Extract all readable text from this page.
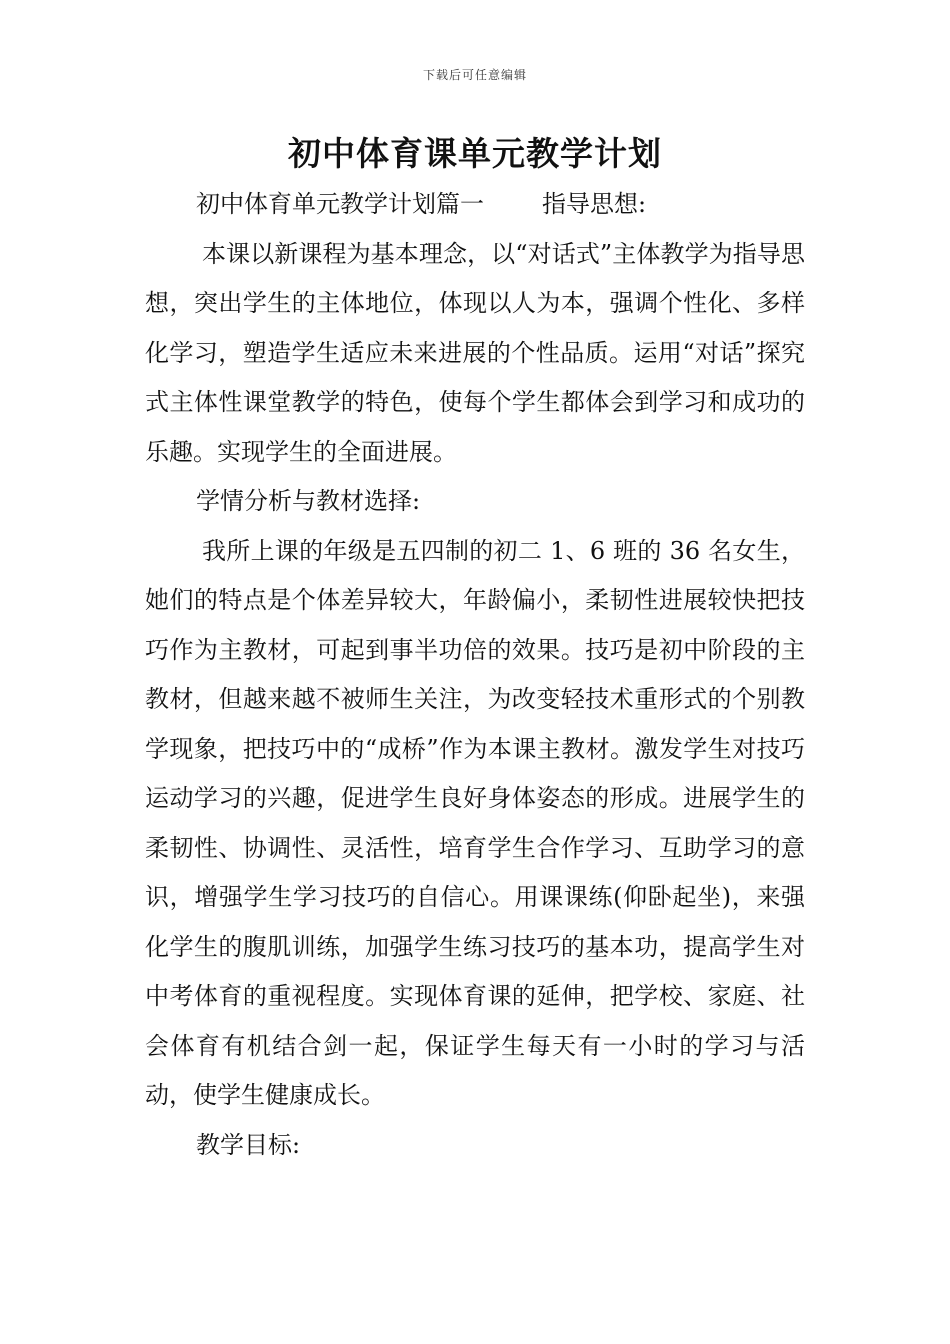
下载后可任意编辑
初中体育课单元教学计划

初中体育单元教学计划篇一 指导思想:

本课以新课程为基本理念，以“对话式”主体教学为指导思想，突出学生的主体地位，体现以人为本，强调个性化、多样化学习，塑造学生适应未来进展的个性品质。运用“对话”探究式主体性课堂教学的特色，使每个学生都体会到学习和成功的乐趣。实现学生的全面进展。

学情分析与教材选择:

我所上课的年级是五四制的初二 1、6 班的 36 名女生，她们的特点是个体差异较大，年龄偏小，柔韧性进展较快把技巧作为主教材，可起到事半功倍的效果。技巧是初中阶段的主教材，但越来越不被师生关注，为改变轻技术重形式的个别教学现象，把技巧中的“成桥”作为本课主教材。激发学生对技巧运动学习的兴趣，促进学生良好身体姿态的形成。进展学生的柔韧性、协调性、灵活性，培育学生合作学习、互助学习的意识，增强学生学习技巧的自信心。用课课练(仰卧起坐)，来强化学生的腹肌训练，加强学生练习技巧的基本功，提高学生对中考体育的重视程度。实现体育课的延伸，把学校、家庭、社会体育有机结合剑一起，保证学生每天有一小时的学习与活动，使学生健康成长。

教学目标:
